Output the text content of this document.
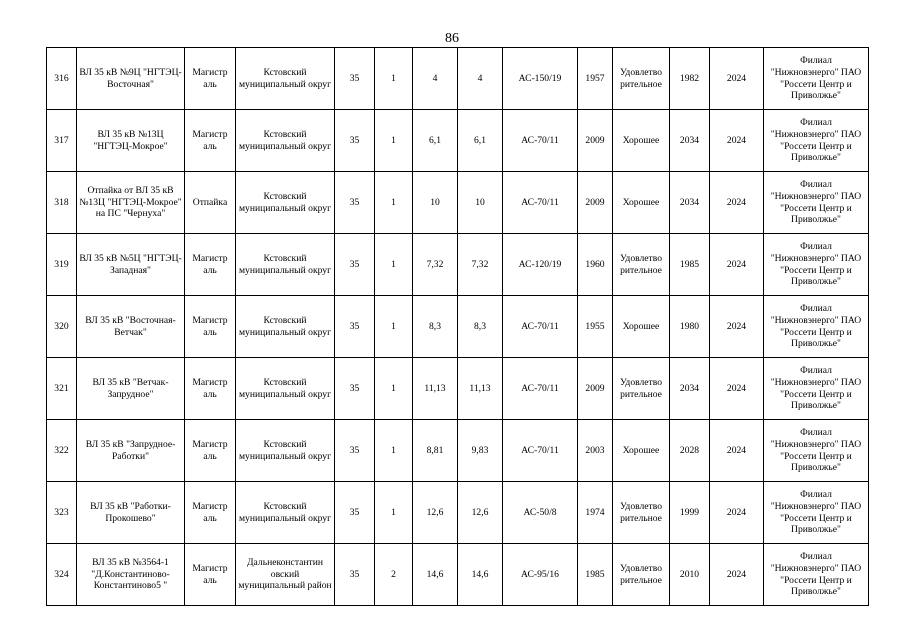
86
316	ВЛ 35 кВ №9Ц "НГТЭЦ-Восточная"	Магистр аль	Кстовский муниципальный округ	35	1	4	4	АС-150/19	1957	Удовлетво рительное	1982	2024	Филиал "Нижновэнерго" ПАО "Россети Центр и Приволжье"
317	ВЛ 35 кВ №13Ц "НГТЭЦ-Мокрое"	Магистр аль	Кстовский муниципальный округ	35	1	6,1	6,1	АС-70/11	2009	Хорошее	2034	2024	Филиал "Нижновэнерго" ПАО "Россети Центр и Приволжье"
318	Отпайка от ВЛ 35 кВ №13Ц "НГТЭЦ-Мокрое" на ПС "Чернуха"	Отпайка	Кстовский муниципальный округ	35	1	10	10	АС-70/11	2009	Хорошее	2034	2024	Филиал "Нижновэнерго" ПАО "Россети Центр и Приволжье"
319	ВЛ 35 кВ №5Ц "НГТЭЦ-Западная"	Магистр аль	Кстовский муниципальный округ	35	1	7,32	7,32	АС-120/19	1960	Удовлетво рительное	1985	2024	Филиал "Нижновэнерго" ПАО "Россети Центр и Приволжье"
320	ВЛ 35 кВ "Восточная-Ветчак"	Магистр аль	Кстовский муниципальный округ	35	1	8,3	8,3	АС-70/11	1955	Хорошее	1980	2024	Филиал "Нижновэнерго" ПАО "Россети Центр и Приволжье"
321	ВЛ 35 кВ "Ветчак-Запрудное"	Магистр аль	Кстовский муниципальный округ	35	1	11,13	11,13	АС-70/11	2009	Удовлетво рительное	2034	2024	Филиал "Нижновэнерго" ПАО "Россети Центр и Приволжье"
322	ВЛ 35 кВ "Запрудное-Работки"	Магистр аль	Кстовский муниципальный округ	35	1	8,81	9,83	АС-70/11	2003	Хорошее	2028	2024	Филиал "Нижновэнерго" ПАО "Россети Центр и Приволжье"
323	ВЛ 35 кВ "Работки-Прокошево"	Магистр аль	Кстовский муниципальный округ	35	1	12,6	12,6	АС-50/8	1974	Удовлетво рительное	1999	2024	Филиал "Нижновэнерго" ПАО "Россети Центр и Приволжье"
324	ВЛ 35 кВ №3564-1 "Д.Константиново-Константиново5 "	Магистр аль	Дальнеконстантин овский муниципальный район	35	2	14,6	14,6	АС-95/16	1985	Удовлетво рительное	2010	2024	Филиал "Нижновэнерго" ПАО "Россети Центр и Приволжье"
